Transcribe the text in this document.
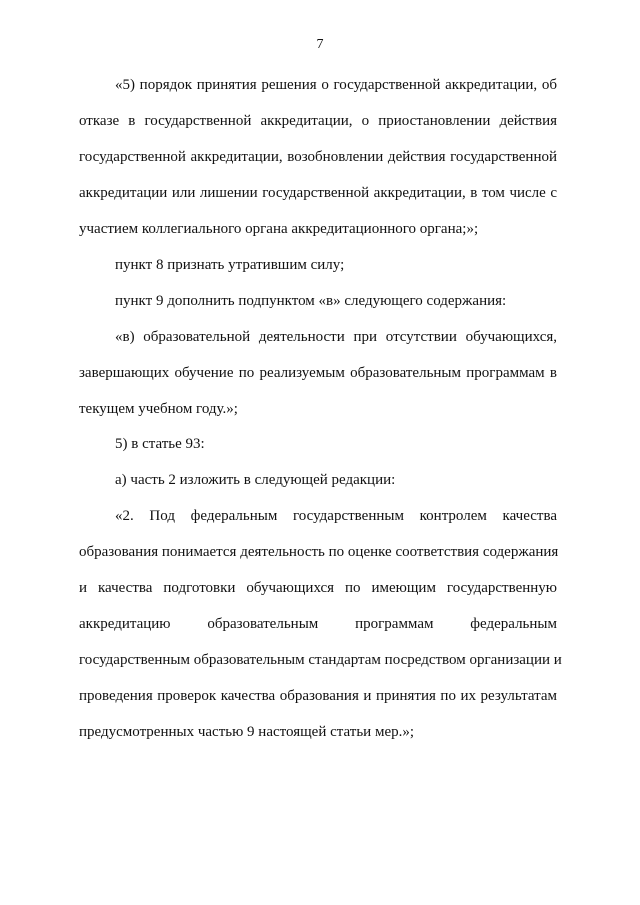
7
«5) порядок принятия решения о государственной аккредитации, об
отказе в государственной аккредитации, о приостановлении действия
государственной аккредитации, возобновлении действия государственной
аккредитации или лишении государственной аккредитации, в том числе с
участием коллегиального органа аккредитационного органа;»;
пункт 8 признать утратившим силу;
пункт 9 дополнить подпунктом «в» следующего содержания:
«в) образовательной деятельности при отсутствии обучающихся,
завершающих обучение по реализуемым образовательным программам в
текущем учебном году.»;
5) в статье 93:
а) часть 2 изложить в следующей редакции:
«2. Под федеральным государственным контролем качества
образования понимается деятельность по оценке соответствия содержания
и качества подготовки обучающихся по имеющим государственную
аккредитацию образовательным программам федеральным
государственным образовательным стандартам посредством организации и
проведения проверок качества образования и принятия по их результатам
предусмотренных частью 9 настоящей статьи мер.»;
